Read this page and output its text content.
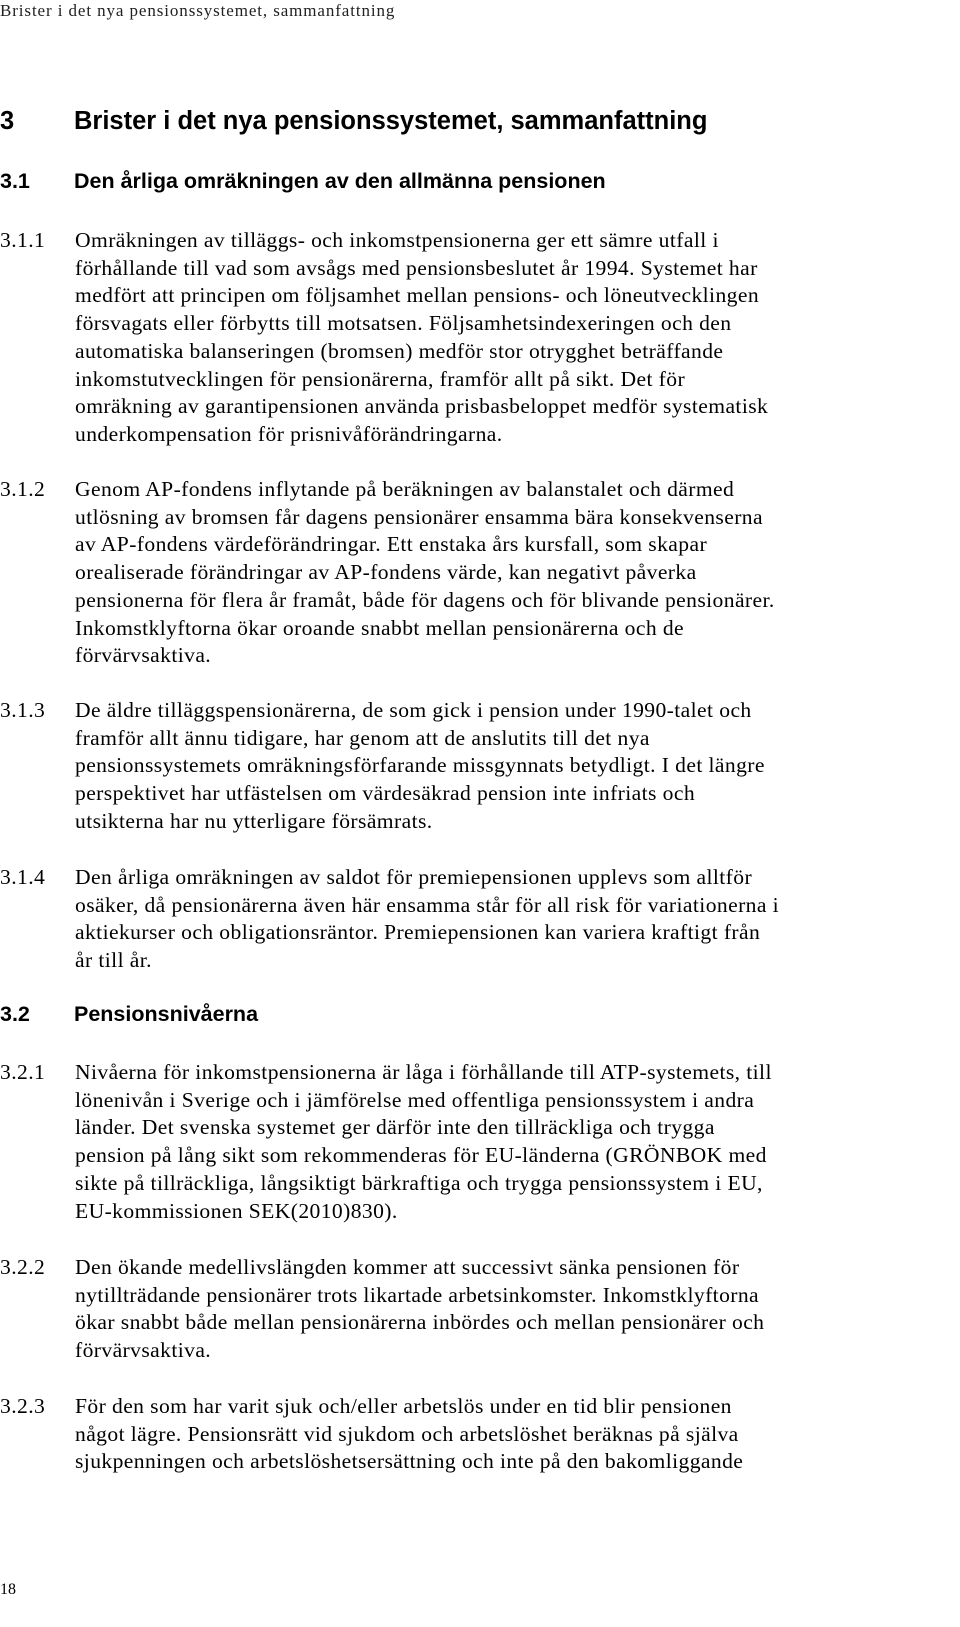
Brister i det nya pensionssystemet, sammanfattning
3 Brister i det nya pensionssystemet, sammanfattning
3.1 Den årliga omräkningen av den allmänna pensionen
3.1.1 Omräkningen av tilläggs- och inkomstpensionerna ger ett sämre utfall i
förhållande till vad som avsågs med pensionsbeslutet år 1994. Systemet har
medfört att principen om följsamhet mellan pensions- och löneutvecklingen
försvagats eller förbytts till motsatsen. Följsamhetsindexeringen och den
automatiska balanseringen (bromsen) medför stor otrygghet beträffande
inkomstutvecklingen för pensionärerna, framför allt på sikt. Det för
omräkning av garantipensionen använda prisbasbeloppet medför systematisk
underkompensation för prisnivåförändringarna.
3.1.2 Genom AP-fondens inflytande på beräkningen av balanstalet och därmed
utlösning av bromsen får dagens pensionärer ensamma bära konsekvenserna
av AP-fondens värdeförändringar. Ett enstaka års kursfall, som skapar
orealiserade förändringar av AP-fondens värde, kan negativt påverka
pensionerna för flera år framåt, både för dagens och för blivande pensionärer.
Inkomstklyftorna ökar oroande snabbt mellan pensionärerna och de
förvärvsaktiva.
3.1.3 De äldre tilläggspensionärerna, de som gick i pension under 1990-talet och
framför allt ännu tidigare, har genom att de anslutits till det nya
pensionssystemets omräkningsförfarande missgynnats betydligt. I det längre
perspektivet har utfästelsen om värdesäkrad pension inte infriats och
utsikterna har nu ytterligare försämrats.
3.1.4 Den årliga omräkningen av saldot för premiepensionen upplevs som alltför
osäker, då pensionärerna även här ensamma står för all risk för variationerna i
aktiekurser och obligationsräntor. Premiepensionen kan variera kraftigt från
år till år.
3.2 Pensionsnivåerna
3.2.1 Nivåerna för inkomstpensionerna är låga i förhållande till ATP-systemets, till
lönenivån i Sverige och i jämförelse med offentliga pensionssystem i andra
länder. Det svenska systemet ger därför inte den tillräckliga och trygga
pension på lång sikt som rekommenderas för EU-länderna (GRÖNBOK med
sikte på tillräckliga, långsiktigt bärkraftiga och trygga pensionssystem i EU,
EU-kommissionen SEK(2010)830).
3.2.2 Den ökande medellivslängden kommer att successivt sänka pensionen för
nytillträdande pensionärer trots likartade arbetsinkomster. Inkomstklyftorna
ökar snabbt både mellan pensionärerna inbördes och mellan pensionärer och
förvärvsaktiva.
3.2.3 För den som har varit sjuk och/eller arbetslös under en tid blir pensionen
något lägre. Pensionsrätt vid sjukdom och arbetslöshet beräknas på själva
sjukpenningen och arbetslöshetsersättning och inte på den bakomliggande
18
